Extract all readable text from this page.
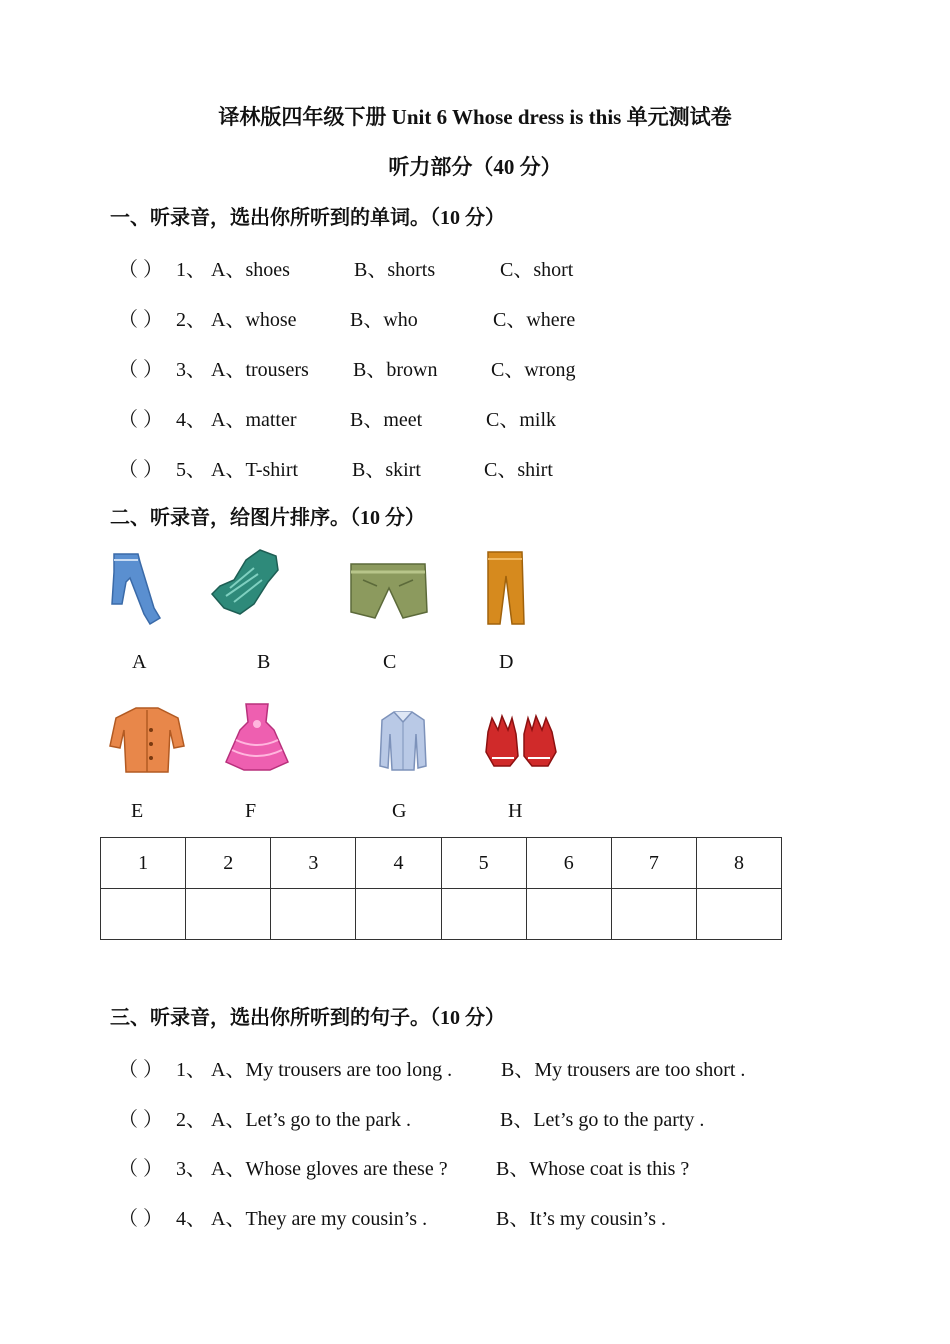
译林版四年级下册 Unit 6 Whose dress is this 单元测试卷
听力部分（40 分）
一、听录音，选出你所听到的单词。（10 分）
（ ） 1、 A、shoes	B、shorts	C、short
（ ） 2、 A、whose	B、who	C、where
（ ） 3、 A、trousers B、brown	C、wrong
（ ） 4、 A、matter	B、meet	C、milk
（ ） 5、 A、T-shirt	B、skirt	C、shirt
二、听录音，给图片排序。（10 分）
A	B	C	D
E	F	G	H
1	2	3	4	5	6	7	8

三、听录音，选出你所听到的句子。（10 分）
（ ） 1、 A、My trousers are too long . B、My trousers are too short .
（ ） 2、 A、Let’s go to the park .	B、Let’s go to the party .
（ ） 3、 A、Whose gloves are these ? B、Whose coat is this ?
（ ） 4、 A、They are my cousin’s .	B、It’s my cousin’s .
